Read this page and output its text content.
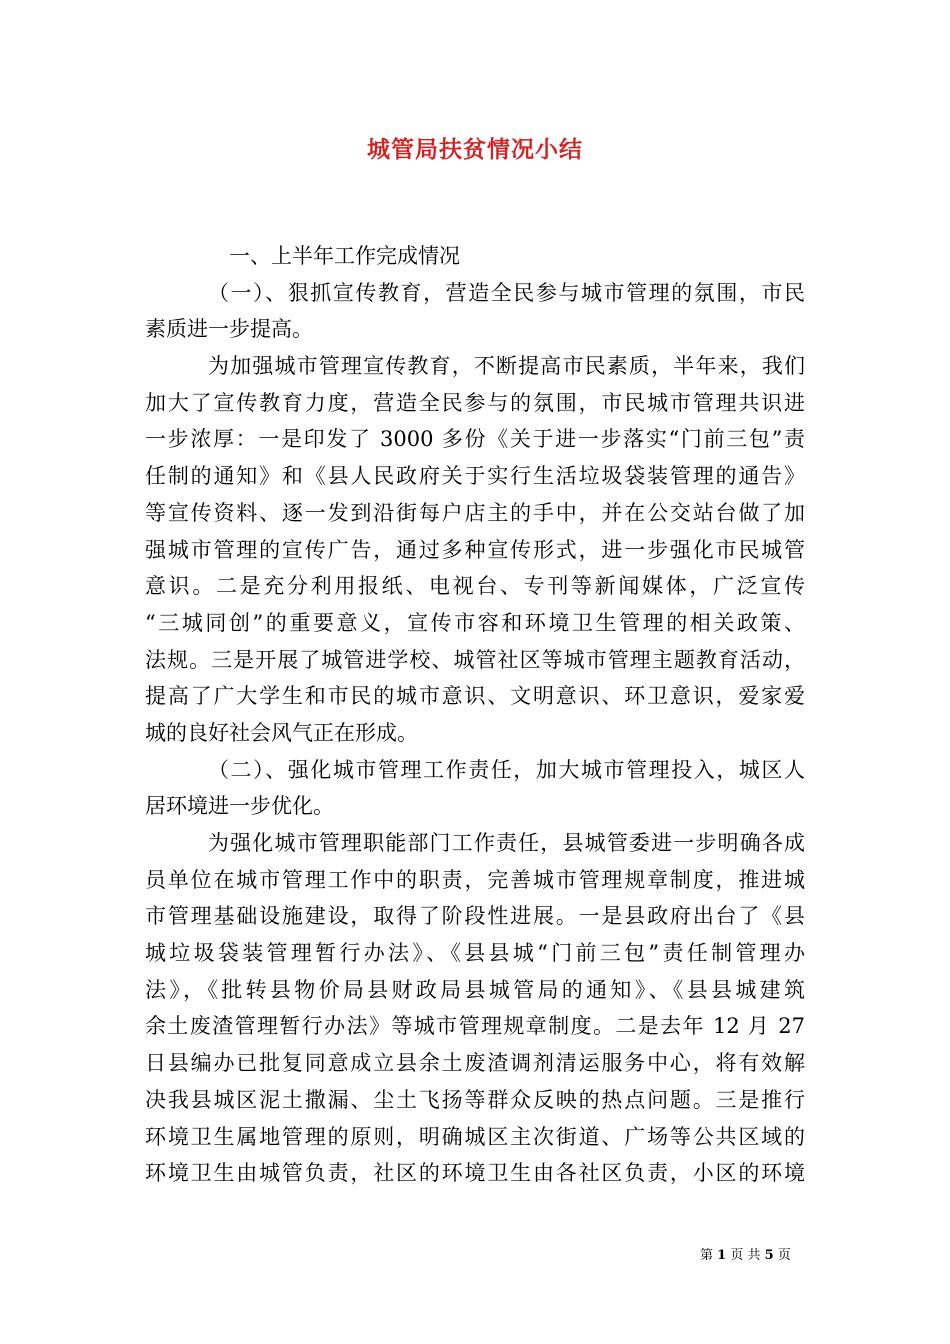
城管局扶贫情况小结
一、上半年工作完成情况
（一）、狠抓宣传教育，营造全民参与城市管理的氛围，市民
素质进一步提高。
为加强城市管理宣传教育，不断提高市民素质，半年来，我们
加大了宣传教育力度，营造全民参与的氛围，市民城市管理共识进
一步浓厚：一是印发了 3000 多份《关于进一步落实“门前三包”责
任制的通知》和《县人民政府关于实行生活垃圾袋装管理的通告》
等宣传资料、逐一发到沿街每户店主的手中，并在公交站台做了加
强城市管理的宣传广告，通过多种宣传形式，进一步强化市民城管
意识。二是充分利用报纸、电视台、专刊等新闻媒体，广泛宣传
“三城同创”的重要意义，宣传市容和环境卫生管理的相关政策、
法规。三是开展了城管进学校、城管社区等城市管理主题教育活动，
提高了广大学生和市民的城市意识、文明意识、环卫意识，爱家爱
城的良好社会风气正在形成。
（二）、强化城市管理工作责任，加大城市管理投入，城区人
居环境进一步优化。
为强化城市管理职能部门工作责任，县城管委进一步明确各成
员单位在城市管理工作中的职责，完善城市管理规章制度，推进城
市管理基础设施建设，取得了阶段性进展。一是县政府出台了《县
城垃圾袋装管理暂行办法》、《县县城“门前三包”责任制管理办
法》，《批转县物价局县财政局县城管局的通知》、《县县城建筑
余土废渣管理暂行办法》等城市管理规章制度。二是去年 12 月 27
日县编办已批复同意成立县余土废渣调剂清运服务中心，将有效解
决我县城区泥土撒漏、尘土飞扬等群众反映的热点问题。三是推行
环境卫生属地管理的原则，明确城区主次街道、广场等公共区域的
环境卫生由城管负责，社区的环境卫生由各社区负责，小区的环境
第 1 页 共 5 页
